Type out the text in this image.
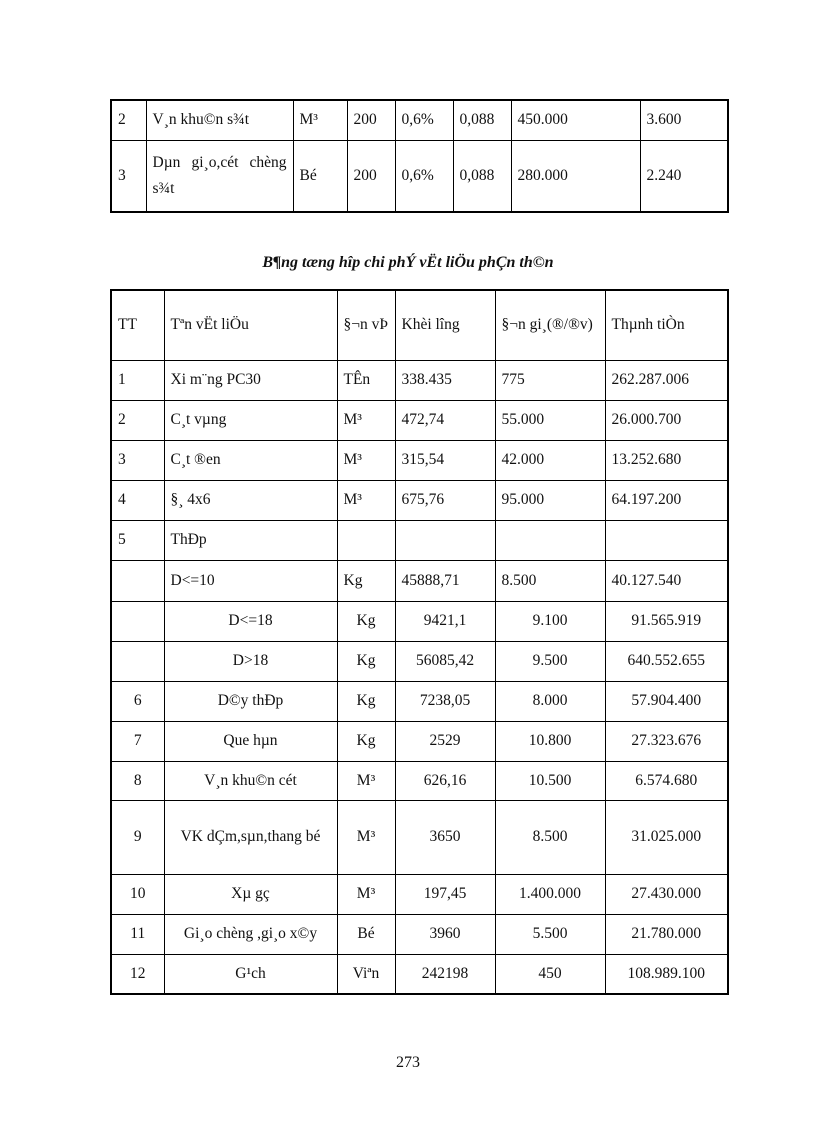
2	V¸n khu©n s¾t	M³	200	0,6%	0,088	450.000	3.600
3	Dµn gi¸o,cét chèng s¾t	Bé	200	0,6%	0,088	280.000	2.240
B¶ng tæng hîp chi phÝ vËt liÖu phÇn th©n
TT	Tªn vËt liÖu	§¬n vÞ	Khèi lîng	§¬n gi¸(®/®v)	Thµnh tiÒn
1	Xi m¨ng PC30	TÊn	338.435	775	262.287.006
2	C¸t vµng	M³	472,74	55.000	26.000.700
3	C¸t ®en	M³	315,54	42.000	13.252.680
4	§¸ 4x6	M³	675,76	95.000	64.197.200
5	ThÐp				
	D<=10	Kg	45888,71	8.500	40.127.540
	D<=18	Kg	9421,1	9.100	91.565.919
	D>18	Kg	56085,42	9.500	640.552.655
6	D©y thÐp	Kg	7238,05	8.000	57.904.400
7	Que hµn	Kg	2529	10.800	27.323.676
8	V¸n khu©n cét	M³	626,16	10.500	6.574.680
9	VK dÇm,sµn,thang bé	M³	3650	8.500	31.025.000
10	Xµ gç	M³	197,45	1.400.000	27.430.000
11	Gi¸o chèng ,gi¸o x©y	Bé	3960	5.500	21.780.000
12	G¹ch	Viªn	242198	450	108.989.100
273
